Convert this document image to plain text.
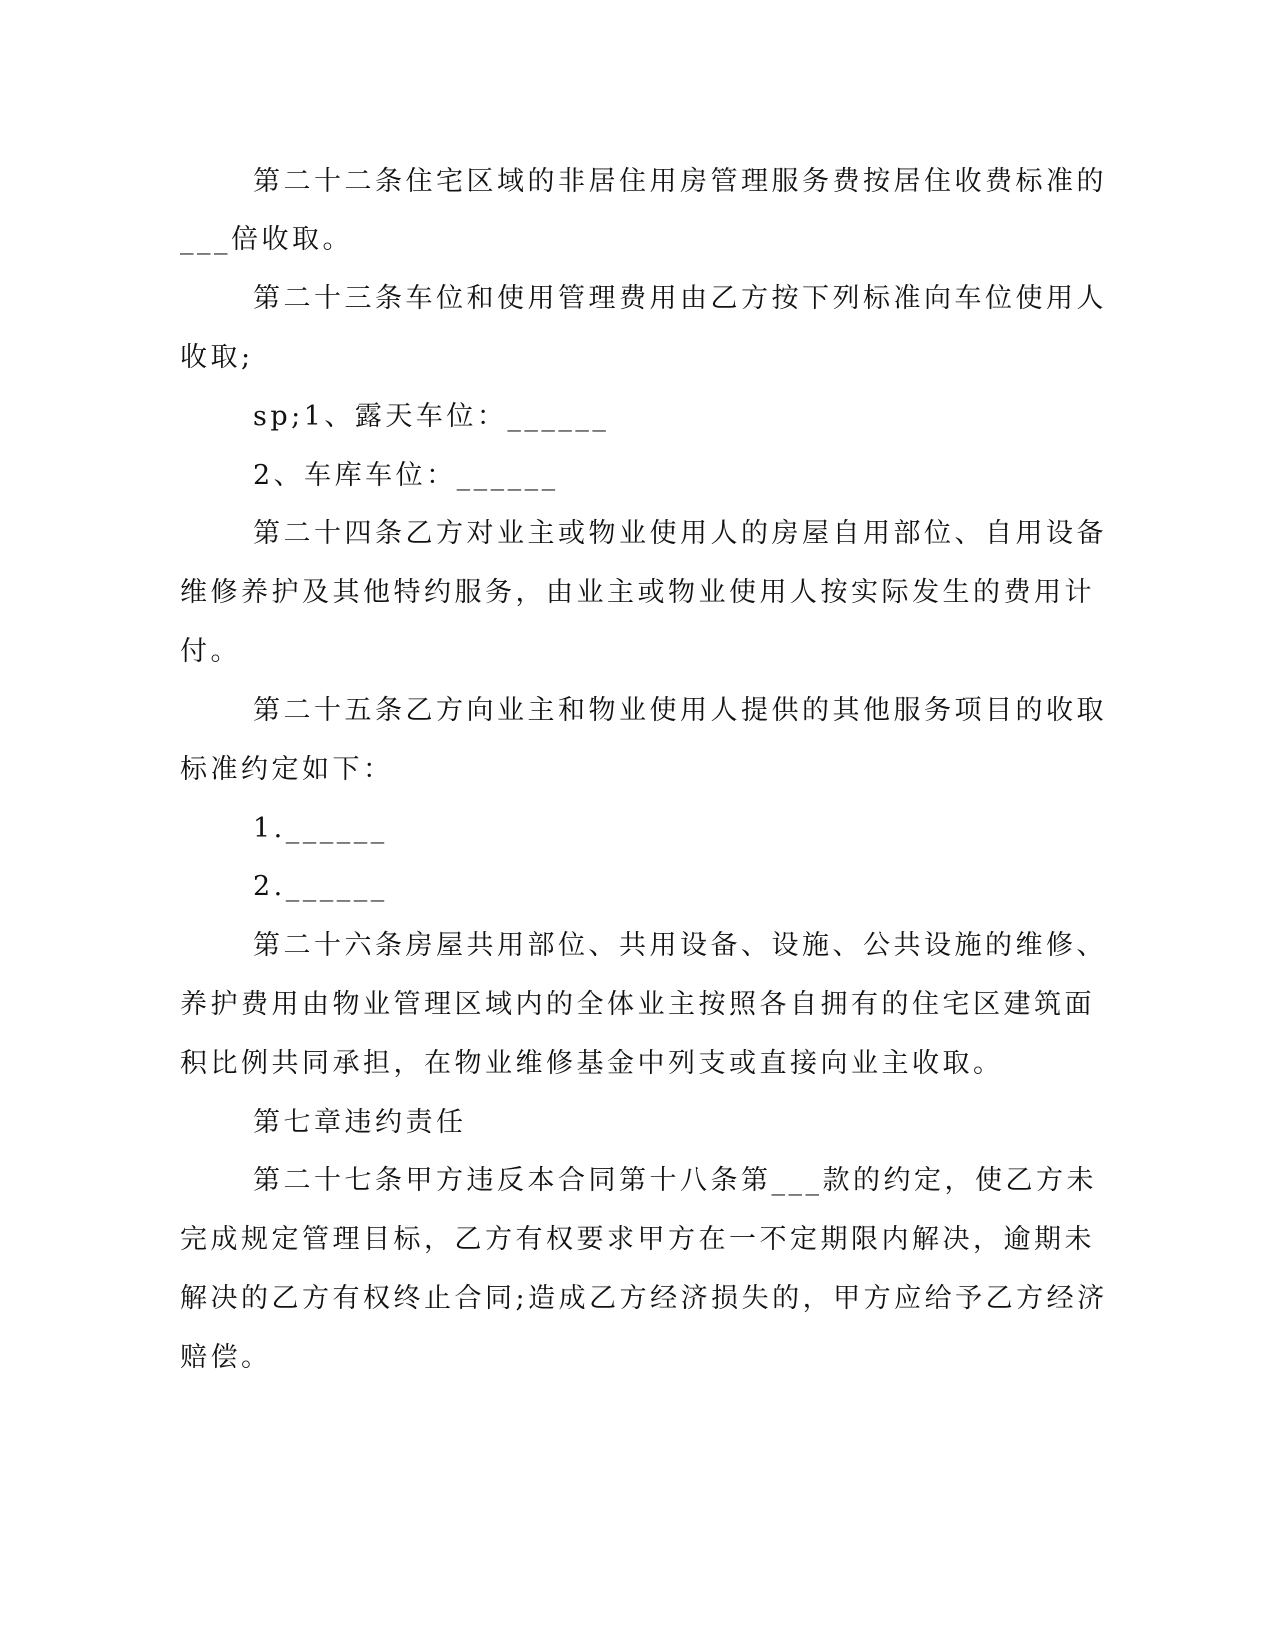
第二十二条住宅区域的非居住用房管理服务费按居住收费标准的
___倍收取。
第二十三条车位和使用管理费用由乙方按下列标准向车位使用人
收取;
sp;1、露天车位：______
2、车库车位：______
第二十四条乙方对业主或物业使用人的房屋自用部位、自用设备
维修养护及其他特约服务，由业主或物业使用人按实际发生的费用计
付。
第二十五条乙方向业主和物业使用人提供的其他服务项目的收取
标准约定如下：
1.______
2.______
第二十六条房屋共用部位、共用设备、设施、公共设施的维修、
养护费用由物业管理区域内的全体业主按照各自拥有的住宅区建筑面
积比例共同承担，在物业维修基金中列支或直接向业主收取。
第七章违约责任
第二十七条甲方违反本合同第十八条第___款的约定，使乙方未
完成规定管理目标，乙方有权要求甲方在一不定期限内解决，逾期未
解决的乙方有权终止合同;造成乙方经济损失的，甲方应给予乙方经济
赔偿。
